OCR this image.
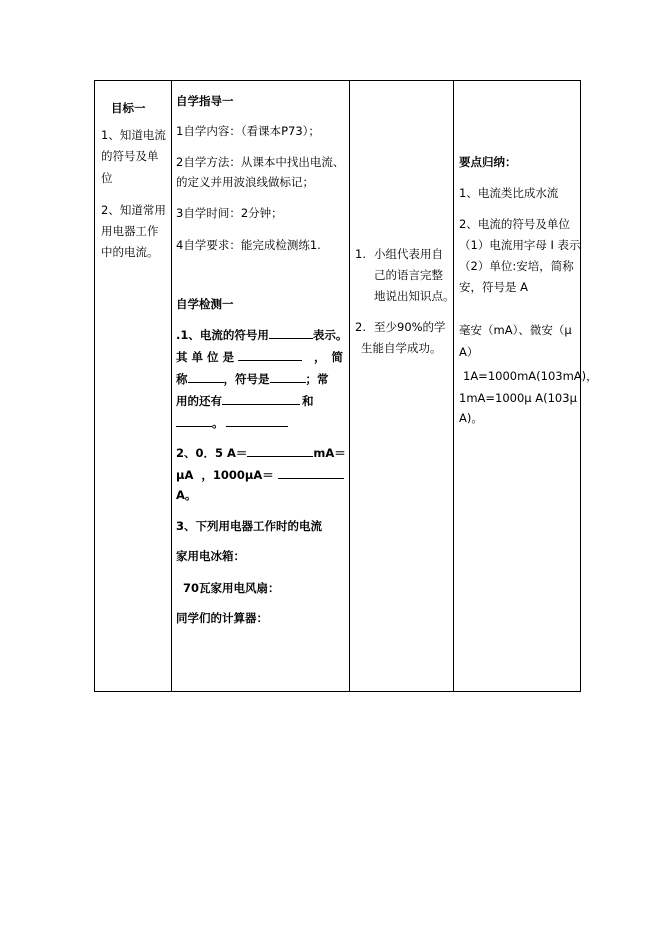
目标一
1、知道电流
的符号及单
位
2、知道常用
用电器工作
中的电流。
自学指导一
1自学内容：（看课本P73）；
2自学方法：从课本中找出电流、
的定义并用波浪线做标记；
3自学时间：2分钟；
4自学要求：能完成检测练1.
自学检测一
.1、电流的符号用	表示。
其单位是	，简
称	，符号是	；常
用的还有	和
。
2、0．5 A＝	mA＝
μA ，1000μA＝
A。
3、下列用电器工作时的电流
家用电冰箱：
70瓦家用电风扇：
同学们的计算器：
1. 小组代表用自
己的语言完整
地说出知识点。
2. 至少90%的学
生能自学成功。
要点归纳：
1、电流类比成水流
2、电流的符号及单位
（1）电流用字母 I 表示
（2）单位:安培，简称
安，符号是 A
毫安（mA）、微安（μ
A）
1A=1000mA(103mA)，
1mA=1000μ A(103μ
A)。
